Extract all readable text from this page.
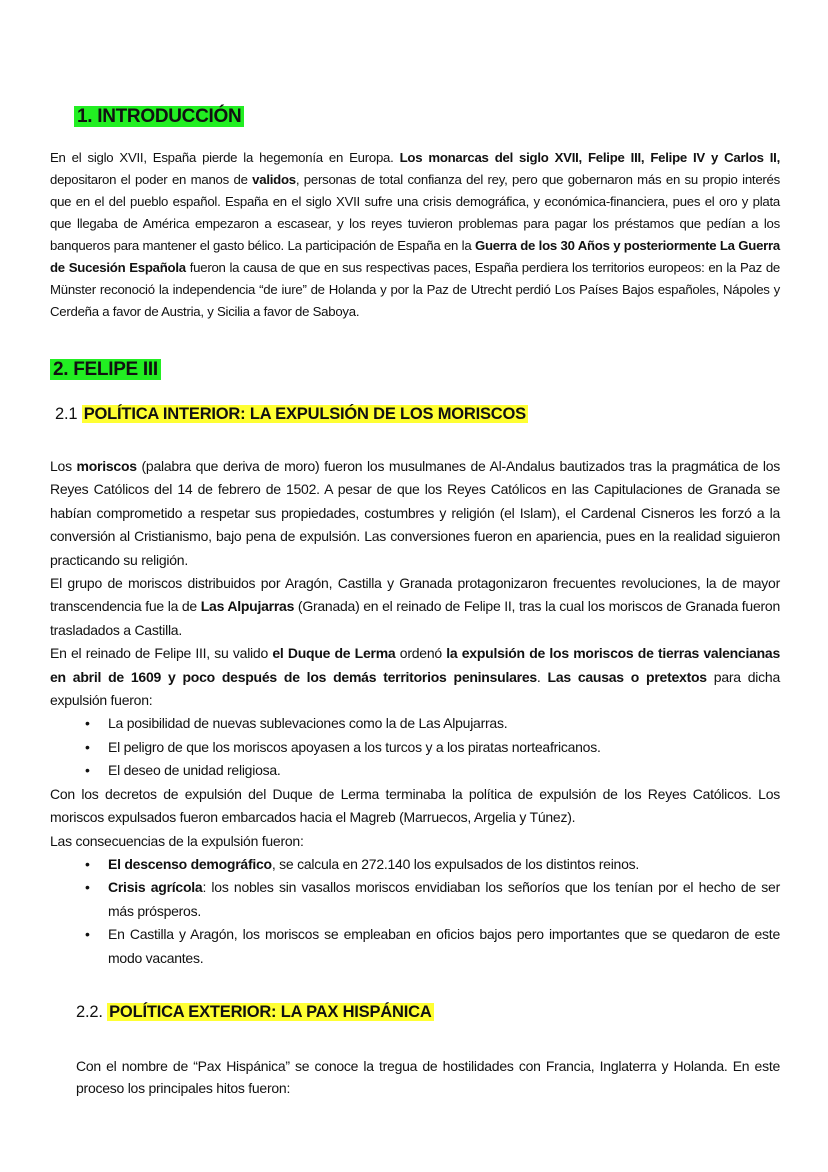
1. INTRODUCCIÓN

En el siglo XVII, España pierde la hegemonía en Europa. Los monarcas del siglo XVII, Felipe III, Felipe IV y Carlos II, depositaron el poder en manos de validos, personas de total confianza del rey, pero que gobernaron más en su propio interés que en el del pueblo español. España en el siglo XVII sufre una crisis demográfica, y económica-financiera, pues el oro y plata que llegaba de América empezaron a escasear, y los reyes tuvieron problemas para pagar los préstamos que pedían a los banqueros para mantener el gasto bélico. La participación de España en la Guerra de los 30 Años y posteriormente La Guerra de Sucesión Española fueron la causa de que en sus respectivas paces, España perdiera los territorios europeos: en la Paz de Münster reconoció la independencia “de iure” de Holanda y por la Paz de Utrecht perdió Los Países Bajos españoles, Nápoles y Cerdeña a favor de Austria, y Sicilia a favor de Saboya.

2. FELIPE III
2.1 POLÍTICA INTERIOR: LA EXPULSIÓN DE LOS MORISCOS

Los moriscos (palabra que deriva de moro) fueron los musulmanes de Al-Andalus bautizados tras la pragmática de los Reyes Católicos del 14 de febrero de 1502. A pesar de que los Reyes Católicos en las Capitulaciones de Granada se habían comprometido a respetar sus propiedades, costumbres y religión (el Islam), el Cardenal Cisneros les forzó a la conversión al Cristianismo, bajo pena de expulsión. Las conversiones fueron en apariencia, pues en la realidad siguieron practicando su religión.

El grupo de moriscos distribuidos por Aragón, Castilla y Granada protagonizaron frecuentes revoluciones, la de mayor transcendencia fue la de Las Alpujarras (Granada) en el reinado de Felipe II, tras la cual los moriscos de Granada fueron trasladados a Castilla.

En el reinado de Felipe III, su valido el Duque de Lerma ordenó la expulsión de los moriscos de tierras valencianas en abril de 1609 y poco después de los demás territorios peninsulares. Las causas o pretextos para dicha expulsión fueron:

• La posibilidad de nuevas sublevaciones como la de Las Alpujarras.
• El peligro de que los moriscos apoyasen a los turcos y a los piratas norteafricanos.
• El deseo de unidad religiosa.

Con los decretos de expulsión del Duque de Lerma terminaba la política de expulsión de los Reyes Católicos. Los moriscos expulsados fueron embarcados hacia el Magreb (Marruecos, Argelia y Túnez).

Las consecuencias de la expulsión fueron:

• El descenso demográfico, se calcula en 272.140 los expulsados de los distintos reinos.
• Crisis agrícola: los nobles sin vasallos moriscos envidiaban los señoríos que los tenían por el hecho de ser más prósperos.
• En Castilla y Aragón, los moriscos se empleaban en oficios bajos pero importantes que se quedaron de este modo vacantes.
2.2. POLÍTICA EXTERIOR: LA PAX HISPÁNICA

Con el nombre de “Pax Hispánica” se conoce la tregua de hostilidades con Francia, Inglaterra y Holanda. En este proceso los principales hitos fueron:
